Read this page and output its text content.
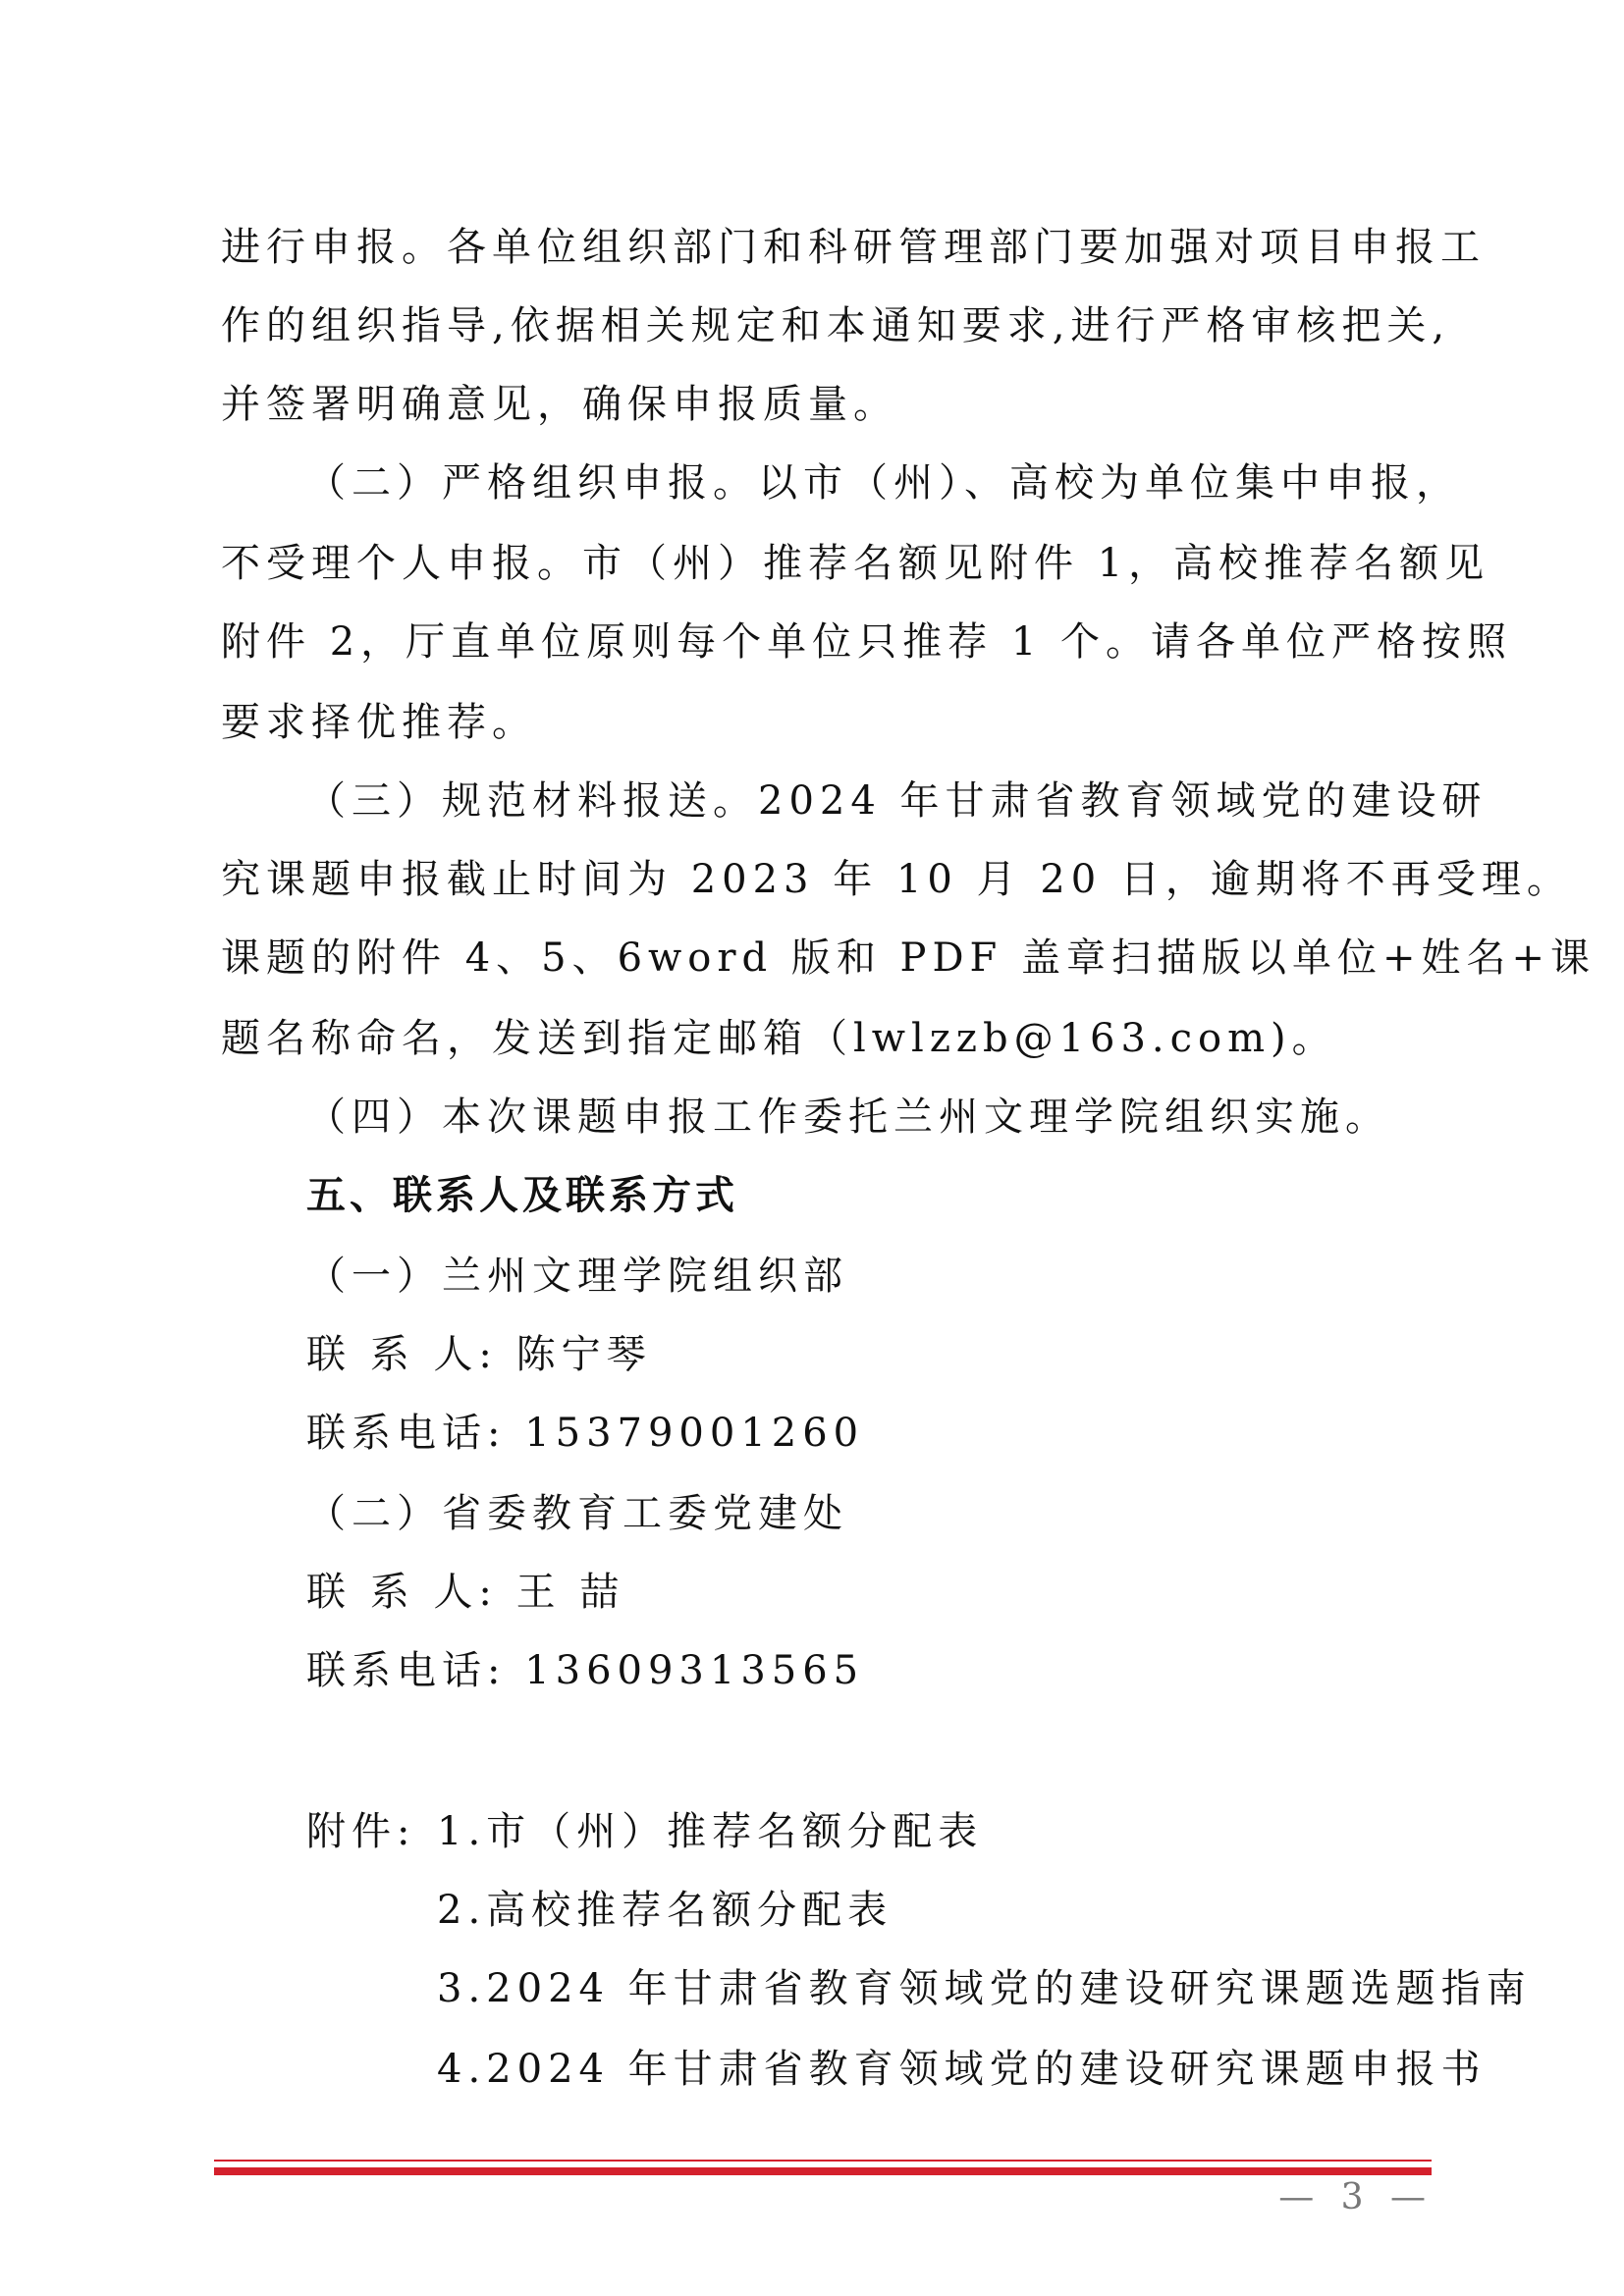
进行申报。各单位组织部门和科研管理部门要加强对项目申报工
作的组织指导,依据相关规定和本通知要求,进行严格审核把关,
并签署明确意见，确保申报质量。
（二）严格组织申报。以市（州）、高校为单位集中申报，
不受理个人申报。市（州）推荐名额见附件 1，高校推荐名额见
附件 2，厅直单位原则每个单位只推荐 1 个。请各单位严格按照
要求择优推荐。
（三）规范材料报送。2024 年甘肃省教育领域党的建设研
究课题申报截止时间为 2023 年 10 月 20 日，逾期将不再受理。
课题的附件 4、5、6word 版和 PDF 盖章扫描版以单位+姓名+课
题名称命名，发送到指定邮箱（lwlzzb@163.com)。
（四）本次课题申报工作委托兰州文理学院组织实施。
五、联系人及联系方式
（一）兰州文理学院组织部
联 系 人: 陈宁琴
联系电话: 15379001260
（二）省委教育工委党建处
联 系 人: 王 喆
联系电话: 13609313565
附件: 1.市（州）推荐名额分配表
2.高校推荐名额分配表
3.2024 年甘肃省教育领域党的建设研究课题选题指南
4.2024 年甘肃省教育领域党的建设研究课题申报书
— 3 —
